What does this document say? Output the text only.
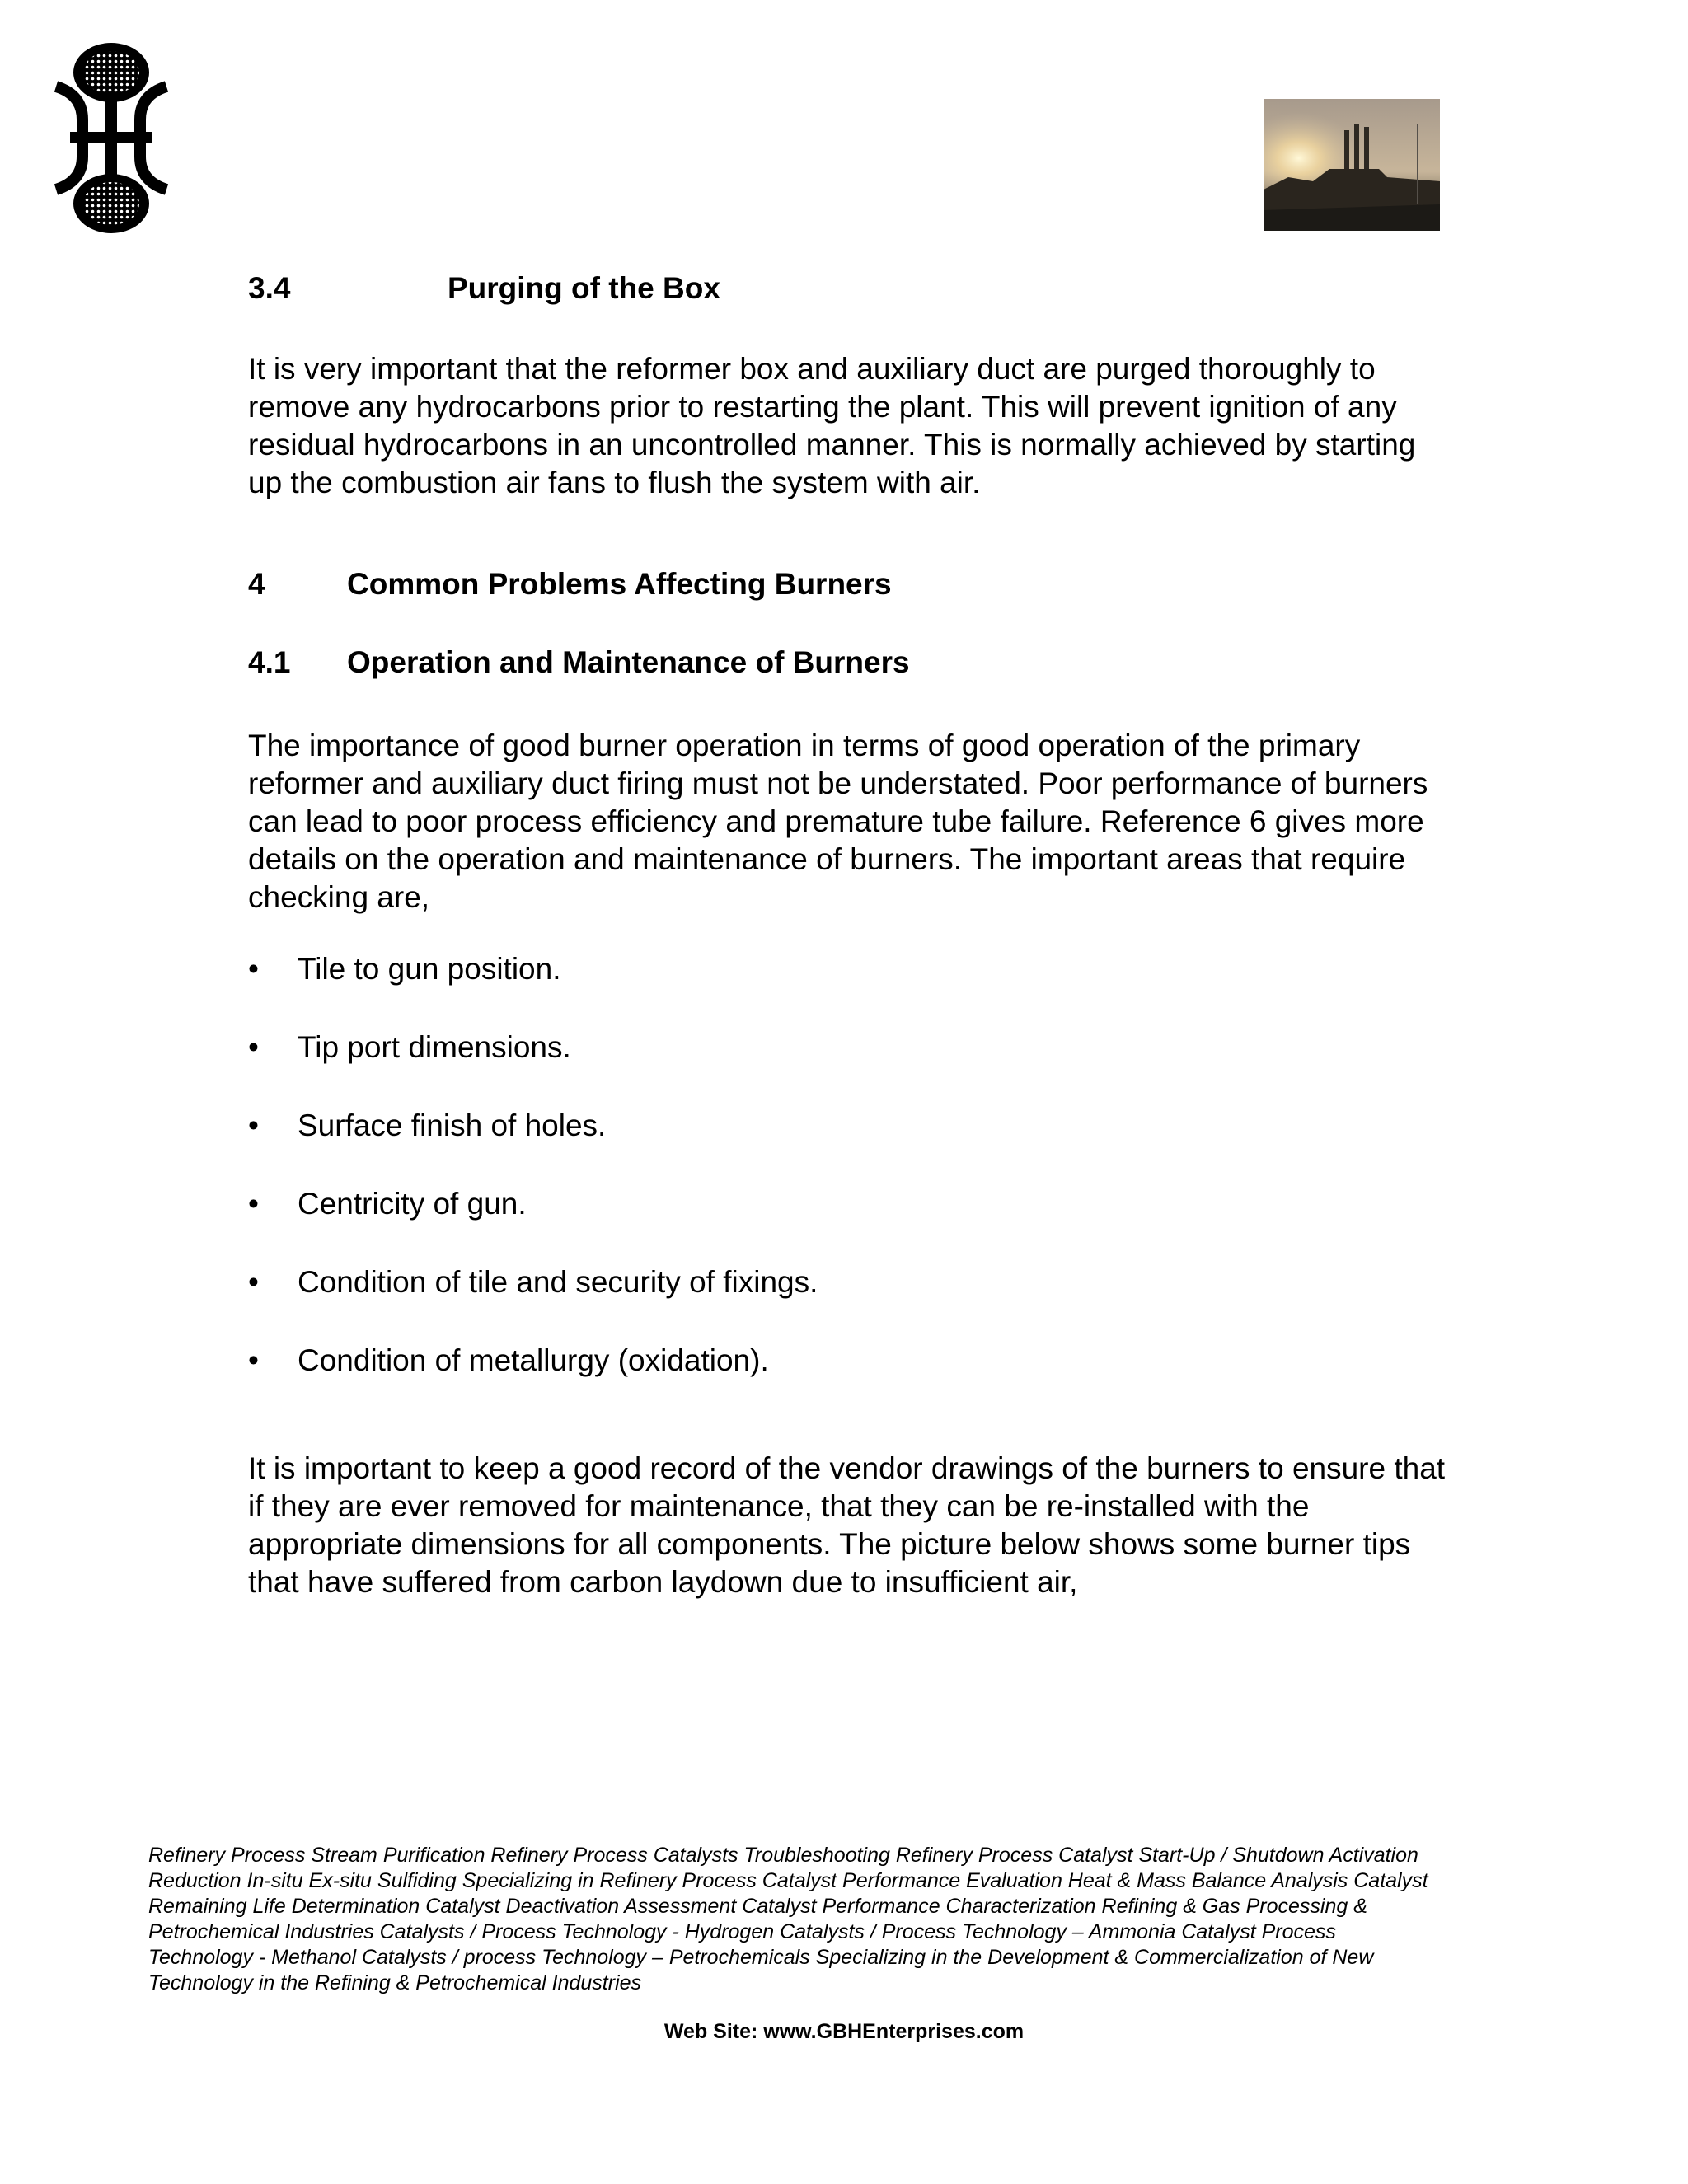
3.4	Purging of the Box

It is very important that the reformer box and auxiliary duct are purged thoroughly to remove any hydrocarbons prior to restarting the plant. This will prevent ignition of any residual hydrocarbons in an uncontrolled manner. This is normally achieved by starting up the combustion air fans to flush the system with air.

4	Common Problems Affecting Burners
4.1	Operation and Maintenance of Burners

The importance of good burner operation in terms of good operation of the primary reformer and auxiliary duct firing must not be understated. Poor performance of burners can lead to poor process efficiency and premature tube failure. Reference 6 gives more details on the operation and maintenance of burners. The important areas that require checking are,

•	Tile to gun position.
•	Tip port dimensions.
•	Surface finish of holes.
•	Centricity of gun.
•	Condition of tile and security of fixings.
•	Condition of metallurgy (oxidation).

It is important to keep a good record of the vendor drawings of the burners to ensure that if they are ever removed for maintenance, that they can be re-installed with the appropriate dimensions for all components. The picture below shows some burner tips that have suffered from carbon laydown due to insufficient air,

Refinery Process Stream Purification Refinery Process Catalysts Troubleshooting Refinery Process Catalyst Start-Up / Shutdown Activation Reduction In-situ Ex-situ Sulfiding Specializing in Refinery Process Catalyst Performance Evaluation Heat & Mass Balance Analysis Catalyst Remaining Life Determination Catalyst Deactivation Assessment Catalyst Performance Characterization Refining & Gas Processing & Petrochemical Industries Catalysts / Process Technology - Hydrogen Catalysts / Process Technology – Ammonia Catalyst Process Technology - Methanol Catalysts / process Technology – Petrochemicals Specializing in the Development & Commercialization of New Technology in the Refining & Petrochemical Industries

Web Site: www.GBHEnterprises.com
